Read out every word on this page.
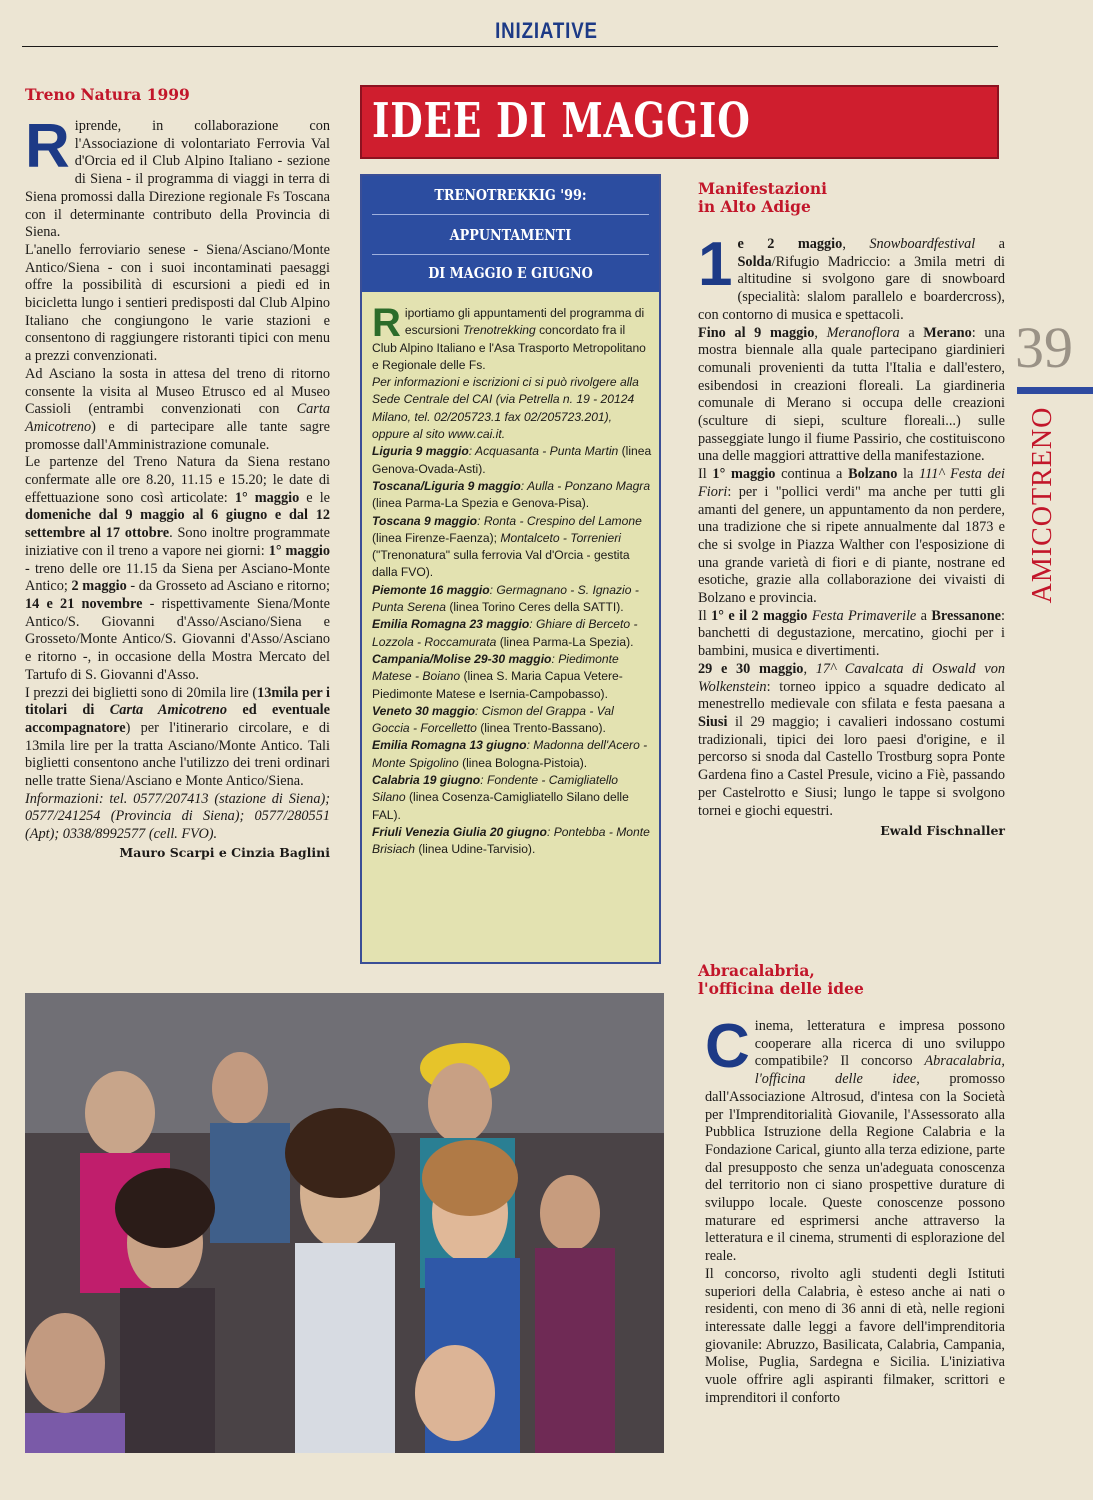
INIZIATIVE
Treno Natura 1999

Riprende, in collaborazione con l'Associazione di volontariato Ferrovia Val d'Orcia ed il Club Alpino Italiano - sezione di Siena - il programma di viaggi in terra di Siena promossi dalla Direzione regionale Fs Toscana con il determinante contributo della Provincia di Siena.

L'anello ferroviario senese - Siena/Asciano/Monte Antico/Siena - con i suoi incontaminati paesaggi offre la possibilità di escursioni a piedi ed in bicicletta lungo i sentieri predisposti dal Club Alpino Italiano che congiungono le varie stazioni e consentono di raggiungere ristoranti tipici con menu a prezzi convenzionati.

Ad Asciano la sosta in attesa del treno di ritorno consente la visita al Museo Etrusco ed al Museo Cassioli (entrambi convenzionati con Carta Amicotreno) e di partecipare alle tante sagre promosse dall'Amministrazione comunale.

Le partenze del Treno Natura da Siena restano confermate alle ore 8.20, 11.15 e 15.20; le date di effettuazione sono così articolate: 1° maggio e le domeniche dal 9 maggio al 6 giugno e dal 12 settembre al 17 ottobre. Sono inoltre programmate iniziative con il treno a vapore nei giorni: 1° maggio - treno delle ore 11.15 da Siena per Asciano-Monte Antico; 2 maggio - da Grosseto ad Asciano e ritorno; 14 e 21 novembre - rispettivamente Siena/Monte Antico/S. Giovanni d'Asso/Asciano/Siena e Grosseto/Monte Antico/S. Giovanni d'Asso/Asciano e ritorno -, in occasione della Mostra Mercato del Tartufo di S. Giovanni d'Asso.

I prezzi dei biglietti sono di 20mila lire (13mila per i titolari di Carta Amicotreno ed eventuale accompagnatore) per l'itinerario circolare, e di 13mila lire per la tratta Asciano/Monte Antico. Tali biglietti consentono anche l'utilizzo dei treni ordinari nelle tratte Siena/Asciano e Monte Antico/Siena.

Informazioni: tel. 0577/207413 (stazione di Siena); 0577/241254 (Provincia di Siena); 0577/280551 (Apt); 0338/8992577 (cell. FVO).

Mauro Scarpi e Cinzia Baglini
IDEE DI MAGGIO
TRENOTREKKIG '99:
APPUNTAMENTI
DI MAGGIO E GIUGNO

Riportiamo gli appuntamenti del programma di escursioni Trenotrekking concordato fra il Club Alpino Italiano e l'Asa Trasporto Metropolitano e Regionale delle Fs.

Per informazioni e iscrizioni ci si può rivolgere alla Sede Centrale del CAI (via Petrella n. 19 - 20124 Milano, tel. 02/205723.1 fax 02/205723.201), oppure al sito www.cai.it.

Liguria 9 maggio: Acquasanta - Punta Martin (linea Genova-Ovada-Asti).

Toscana/Liguria 9 maggio: Aulla - Ponzano Magra (linea Parma-La Spezia e Genova-Pisa).

Toscana 9 maggio: Ronta - Crespino del Lamone (linea Firenze-Faenza); Montalceto - Torrenieri ("Trenonatura" sulla ferrovia Val d'Orcia - gestita dalla FVO).

Piemonte 16 maggio: Germagnano - S. Ignazio - Punta Serena (linea Torino Ceres della SATTI).

Emilia Romagna 23 maggio: Ghiare di Berceto - Lozzola - Roccamurata (linea Parma-La Spezia).

Campania/Molise 29-30 maggio: Piedimonte Matese - Boiano (linea S. Maria Capua Vetere-Piedimonte Matese e Isernia-Campobasso).

Veneto 30 maggio: Cismon del Grappa - Val Goccia - Forcelletto (linea Trento-Bassano).

Emilia Romagna 13 giugno: Madonna dell'Acero - Monte Spigolino (linea Bologna-Pistoia).

Calabria 19 giugno: Fondente - Camigliatello Silano (linea Cosenza-Camigliatello Silano delle FAL).

Friuli Venezia Giulia 20 giugno: Pontebba - Monte Brisiach (linea Udine-Tarvisio).

Manifestazioni
in Alto Adige

1 e 2 maggio, Snowboardfestival a Solda/Rifugio Madriccio: a 3mila metri di altitudine si svolgono gare di snowboard (specialità: slalom parallelo e boardercross), con contorno di musica e spettacoli.

Fino al 9 maggio, Meranoflora a Merano: una mostra biennale alla quale partecipano giardinieri comunali provenienti da tutta l'Italia e dall'estero, esibendosi in creazioni floreali. La giardineria comunale di Merano si occupa delle creazioni (sculture di siepi, sculture floreali...) sulle passeggiate lungo il fiume Passirio, che costituiscono una delle maggiori attrattive della manifestazione.

Il 1° maggio continua a Bolzano la 111^ Festa dei Fiori: per i "pollici verdi" ma anche per tutti gli amanti del genere, un appuntamento da non perdere, una tradizione che si ripete annualmente dal 1873 e che si svolge in Piazza Walther con l'esposizione di una grande varietà di fiori e di piante, nostrane ed esotiche, grazie alla collaborazione dei vivaisti di Bolzano e provincia.

Il 1° e il 2 maggio Festa Primaverile a Bressanone: banchetti di degustazione, mercatino, giochi per i bambini, musica e divertimenti.

29 e 30 maggio, 17^ Cavalcata di Oswald von Wolkenstein: torneo ippico a squadre dedicato al menestrello medievale con sfilata e festa paesana a Siusi il 29 maggio; i cavalieri indossano costumi tradizionali, tipici dei loro paesi d'origine, e il percorso si snoda dal Castello Trostburg sopra Ponte Gardena fino a Castel Presule, vicino a Fiè, passando per Castelrotto e Siusi; lungo le tappe si svolgono tornei e giochi equestri.

Ewald Fischnaller
Abracalabria,
l'officina delle idee

Cinema, letteratura e impresa possono cooperare alla ricerca di uno sviluppo compatibile? Il concorso Abracalabria, l'officina delle idee, promosso dall'Associazione Altrosud, d'intesa con la Società per l'Imprenditorialità Giovanile, l'Assessorato alla Pubblica Istruzione della Regione Calabria e la Fondazione Carical, giunto alla terza edizione, parte dal presupposto che senza un'adeguata conoscenza del territorio non ci siano prospettive durature di sviluppo locale. Queste conoscenze possono maturare ed esprimersi anche attraverso la letteratura e il cinema, strumenti di esplorazione del reale.

Il concorso, rivolto agli studenti degli Istituti superiori della Calabria, è esteso anche ai nati o residenti, con meno di 36 anni di età, nelle regioni interessate dalle leggi a favore dell'imprenditoria giovanile: Abruzzo, Basilicata, Calabria, Campania, Molise, Puglia, Sardegna e Sicilia. L'iniziativa vuole offrire agli aspiranti filmaker, scrittori e imprenditori il conforto

39
AMICOTRENO
